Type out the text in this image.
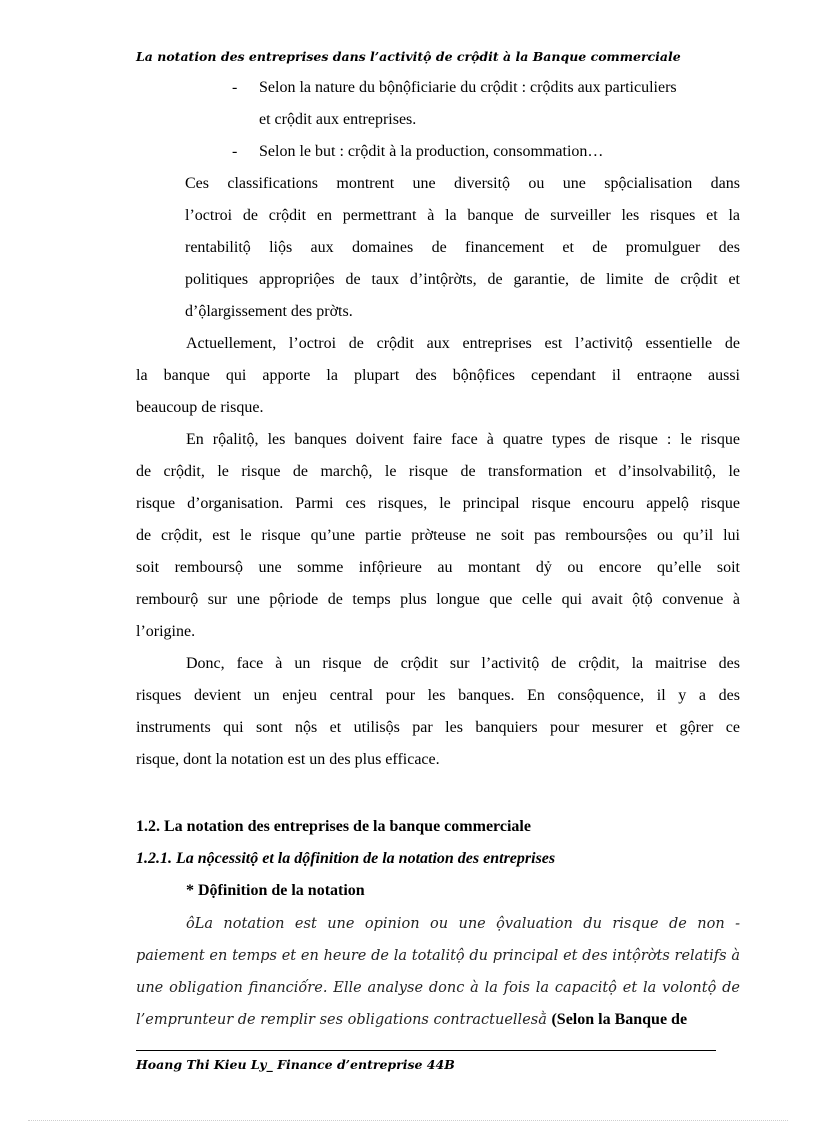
La notation des entreprises dans l’activitộ de crộdit à la Banque commerciale
-	Selon la nature du bộnộficiarie du crộdit : crộdits aux particuliers
et crộdit aux entreprises.
-	Selon le but : crộdit à la production, consommation…
Ces classifications montrent une diversitộ ou une spộcialisation dans
l’octroi de crộdit en permettrant à la banque de surveiller les risques et la
rentabilitộ liộs aux domaines de financement et de promulguer des
politiques appropriộes de taux d’intộrờts, de garantie, de limite de crộdit et
d’ộlargissement des prờts.
Actuellement, l’octroi de crộdit aux entreprises est l’activitộ essentielle de
la banque qui apporte la plupart des bộnộfices cependant il entraọne aussi
beaucoup de risque.
En rộalitộ, les banques doivent faire face à quatre types de risque : le risque
de crộdit, le risque de marchộ, le risque de transformation et d’insolvabilitộ, le
risque d’organisation. Parmi ces risques, le principal risque encouru appelộ risque
de crộdit, est le risque qu’une partie prờteuse ne soit pas remboursộes ou qu’il lui
soit remboursộ une somme infộrieure au montant dỷ ou encore qu’elle soit
rembourộ sur une pộriode de temps plus longue que celle qui avait ộtộ convenue à
l’origine.
Donc, face à un risque de crộdit sur l’activitộ de crộdit, la maitrise des
risques devient un enjeu central pour les banques. En consộquence, il y a des
instruments qui sont nộs et utilisộs par les banquiers pour mesurer et gộrer ce
risque, dont la notation est un des plus efficace.
1.2. La notation des entreprises de la banque commerciale
1.2.1. La nộcessitộ et la dộfinition de la notation des entreprises
* Dộfinition de la notation
ôLa notation est une opinion ou une ộvaluation du risque de non -
paiement en temps et en heure de la totalitộ du principal et des intộrờts relatifs à
une obligation financiốre. Elle analyse donc à la fois la capacitộ et la volontộ de
l’emprunteur de remplir ses obligations contractuellesằ (Selon la Banque de
Hoang Thi Kieu Ly_ Finance d’entreprise 44B
